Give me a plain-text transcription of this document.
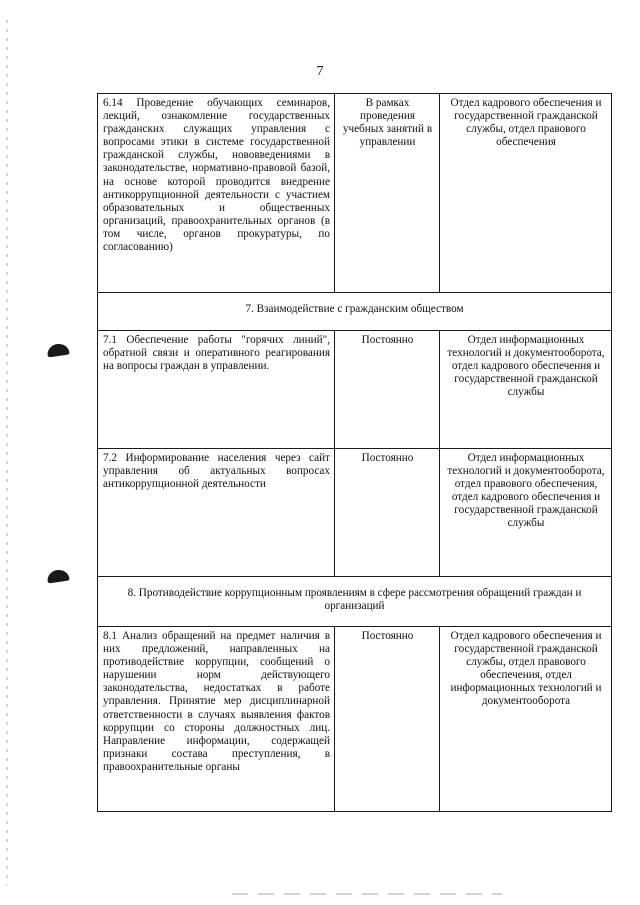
7
6.14 Проведение обучающих семинаров, лекций, ознакомление государственных гражданских служащих управления с вопросами этики в системе государственной гражданской службы, нововведениями в законодательстве, нормативно-правовой базой, на основе которой проводится внедрение антикоррупционной деятельности с участием образовательных и общественных организаций, правоохранительных органов (в том числе, органов прокуратуры, по согласованию)	В рамках проведения учебных занятий в управлении	Отдел кадрового обеспечения и государственной гражданской службы, отдел правового обеспечения
7. Взаимодействие с гражданским обществом		
7.1 Обеспечение работы "горячих линий", обратной связи и оперативного реагирования на вопросы граждан в управлении.	Постоянно	Отдел информационных технологий и документооборота, отдел кадрового обеспечения и государственной гражданской службы
7.2 Информирование населения через сайт управления об актуальных вопросах антикоррупционной деятельности	Постоянно	Отдел информационных технологий и документооборота, отдел правового обеспечения, отдел кадрового обеспечения и государственной гражданской службы
8. Противодействие коррупционным проявлениям в сфере рассмотрения обращений граждан и организаций		
8.1 Анализ обращений на предмет наличия в них предложений, направленных на противодействие коррупции, сообщений о нарушении норм действующего законодательства, недостатках в работе управления. Принятие мер дисциплинарной ответственности в случаях выявления фактов коррупции со стороны должностных лиц. Направление информации, содержащей признаки состава преступления, в правоохранительные органы	Постоянно	Отдел кадрового обеспечения и государственной гражданской службы, отдел правового обеспечения, отдел информационных технологий и документооборота
